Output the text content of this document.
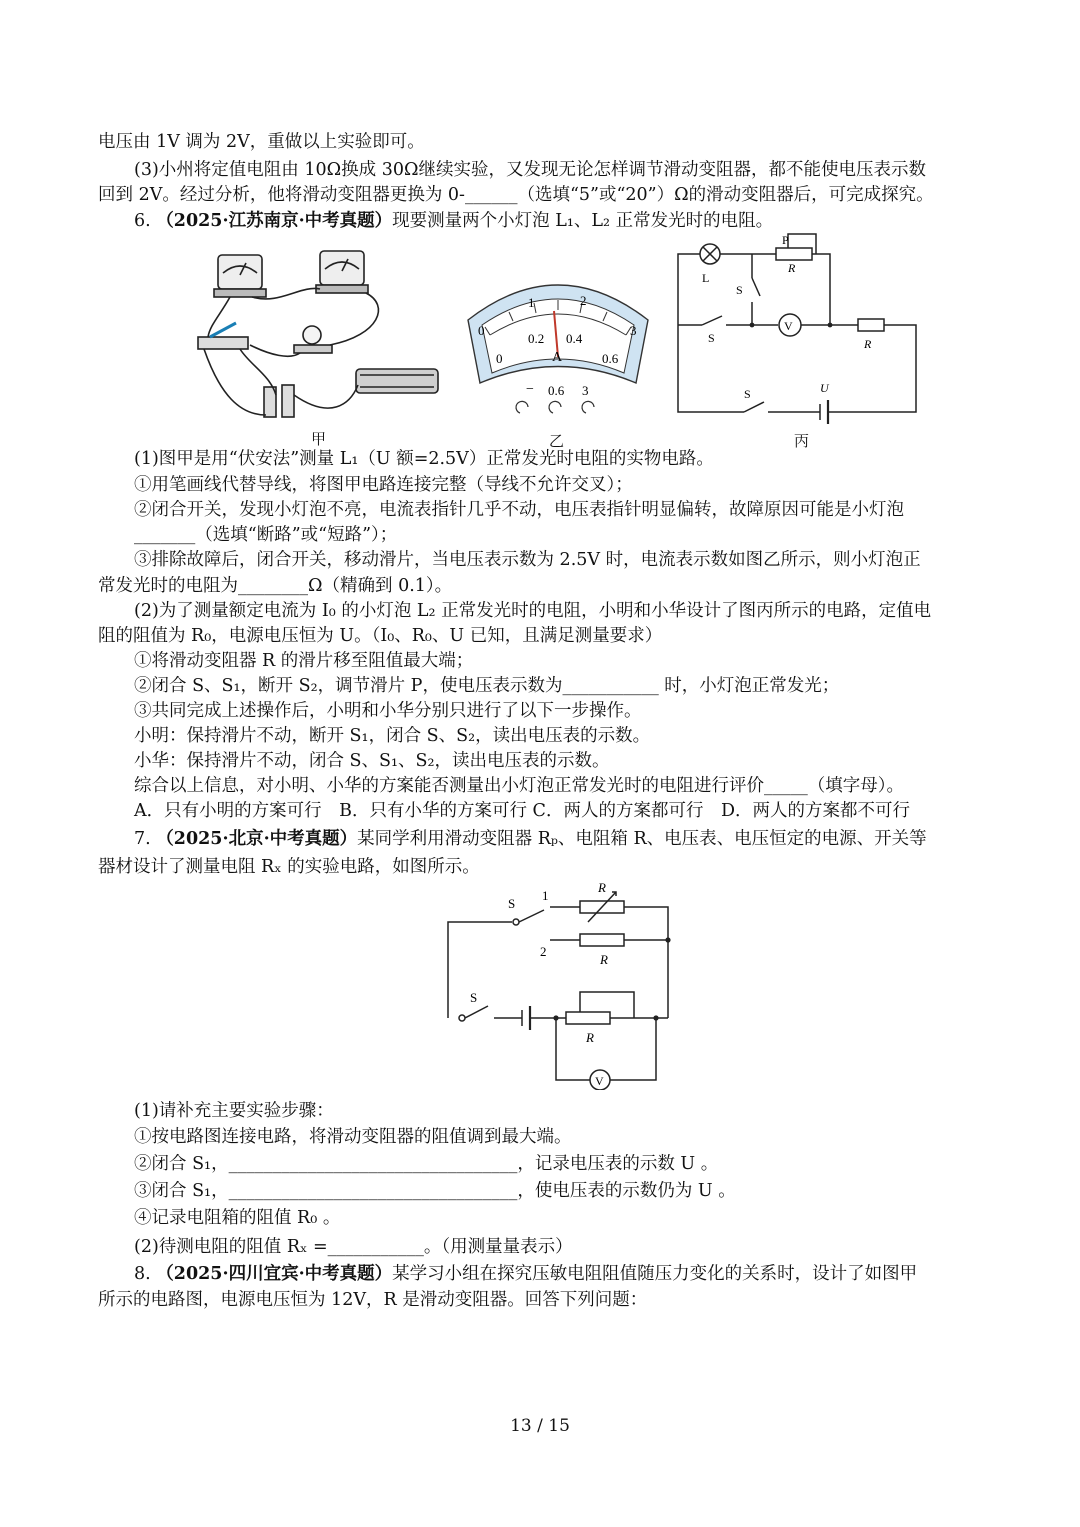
电压由 1V 调为 2V，重做以上实验即可。
(3)小州将定值电阻由 10Ω换成 30Ω继续实验，又发现无论怎样调节滑动变阻器，都不能使电压表示数
回到 2V。经过分析，他将滑动变阻器更换为 0-______（选填“5”或“20”）Ω的滑动变阻器后，可完成探究。
6. （2025·江苏南京·中考真题）现要测量两个小灯泡 L₁、L₂ 正常发光时的电阻。
甲
0
1	2
3
0
0.2 0.4
0.6
A
− 0.6 3
乙
P
R
L
S
S
V
R
S	U
丙
(1)图甲是用“伏安法”测量 L₁（U 额=2.5V）正常发光时电阻的实物电路。
①用笔画线代替导线，将图甲电路连接完整（导线不允许交叉）；
②闭合开关，发现小灯泡不亮，电流表指针几乎不动，电压表指针明显偏转，故障原因可能是小灯泡
_______（选填“断路”或“短路”）；
③排除故障后，闭合开关，移动滑片，当电压表示数为 2.5V 时，电流表示数如图乙所示，则小灯泡正
常发光时的电阻为________Ω（精确到 0.1）。
(2)为了测量额定电流为 I₀ 的小灯泡 L₂ 正常发光时的电阻，小明和小华设计了图丙所示的电路，定值电
阻的阻值为 R₀，电源电压恒为 U。（I₀、R₀、U 已知，且满足测量要求）
①将滑动变阻器 R 的滑片移至阻值最大端；
②闭合 S、S₁，断开 S₂，调节滑片 P，使电压表示数为___________ 时，小灯泡正常发光；
③共同完成上述操作后，小明和小华分别只进行了以下一步操作。
小明：保持滑片不动，断开 S₁，闭合 S、S₂，读出电压表的示数。
小华：保持滑片不动，闭合 S、S₁、S₂，读出电压表的示数。
综合以上信息，对小明、小华的方案能否测量出小灯泡正常发光时的电阻进行评价_____（填字母）。
A．只有小明的方案可行　B．只有小华的方案可行 C．两人的方案都可行　D．两人的方案都不可行
7. （2025·北京·中考真题）某同学利用滑动变阻器 Rₚ、电阻箱 R、电压表、电压恒定的电源、开关等
器材设计了测量电阻 Rₓ 的实验电路，如图所示。
S
1
2
R
R
S
R
V
(1)请补充主要实验步骤：
①按电路图连接电路，将滑动变阻器的阻值调到最大端。
②闭合 S₁，_________________________________，记录电压表的示数 U 。
③闭合 S₁，_________________________________，使电压表的示数仍为 U 。
④记录电阻箱的阻值 R₀ 。
(2)待测电阻的阻值 Rₓ =___________。（用测量量表示）
8. （2025·四川宜宾·中考真题）某学习小组在探究压敏电阻阻值随压力变化的关系时，设计了如图甲
所示的电路图，电源电压恒为 12V，R 是滑动变阻器。回答下列问题：
13 / 15
